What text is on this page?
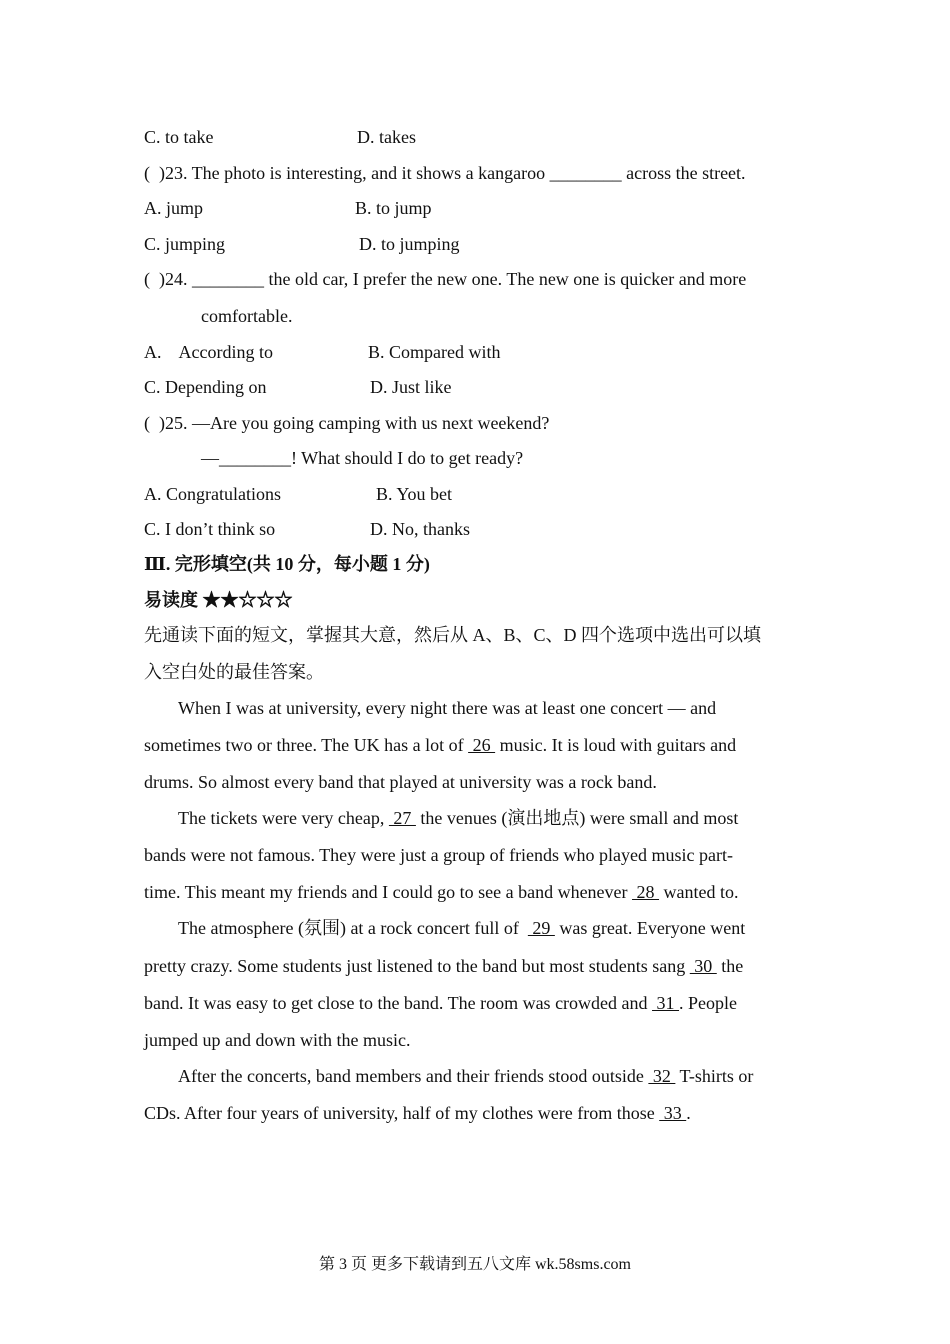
C. to take	D. takes
(  )23. The photo is interesting, and it shows a kangaroo ________ across the street.
A. jump	B. to jump
C. jumping	D. to jumping
(  )24. ________ the old car, I prefer the new one. The new one is quicker and more
comfortable.
A.    According to	B. Compared with
C. Depending on	D. Just like
(  )25. —Are you going camping with us next weekend?
—________! What should I do to get ready?
A. Congratulations	B. You bet
C. I don’t think so	D. No, thanks
Ⅲ. 完形填空(共 10 分，每小题 1 分)
易读度 ★★☆☆☆
先通读下面的短文，掌握其大意，然后从 A、B、C、D 四个选项中选出可以填
入空白处的最佳答案。
When I was at university, every night there was at least one concert — and
sometimes two or three. The UK has a lot of  26  music. It is loud with guitars and
drums. So almost every band that played at university was a rock band.
The tickets were very cheap,  27  the venues (演出地点) were small and most
bands were not famous. They were just a group of friends who played music part-
time. This meant my friends and I could go to see a band whenever  28  wanted to.
The atmosphere (氛围) at a rock concert full of   29  was great. Everyone went
pretty crazy. Some students just listened to the band but most students sang  30  the
band. It was easy to get close to the band. The room was crowded and  31 . People
jumped up and down with the music.
After the concerts, band members and their friends stood outside  32  T-shirts or
CDs. After four years of university, half of my clothes were from those  33 .
第 3 页 更多下载请到五八文库 wk.58sms.com
